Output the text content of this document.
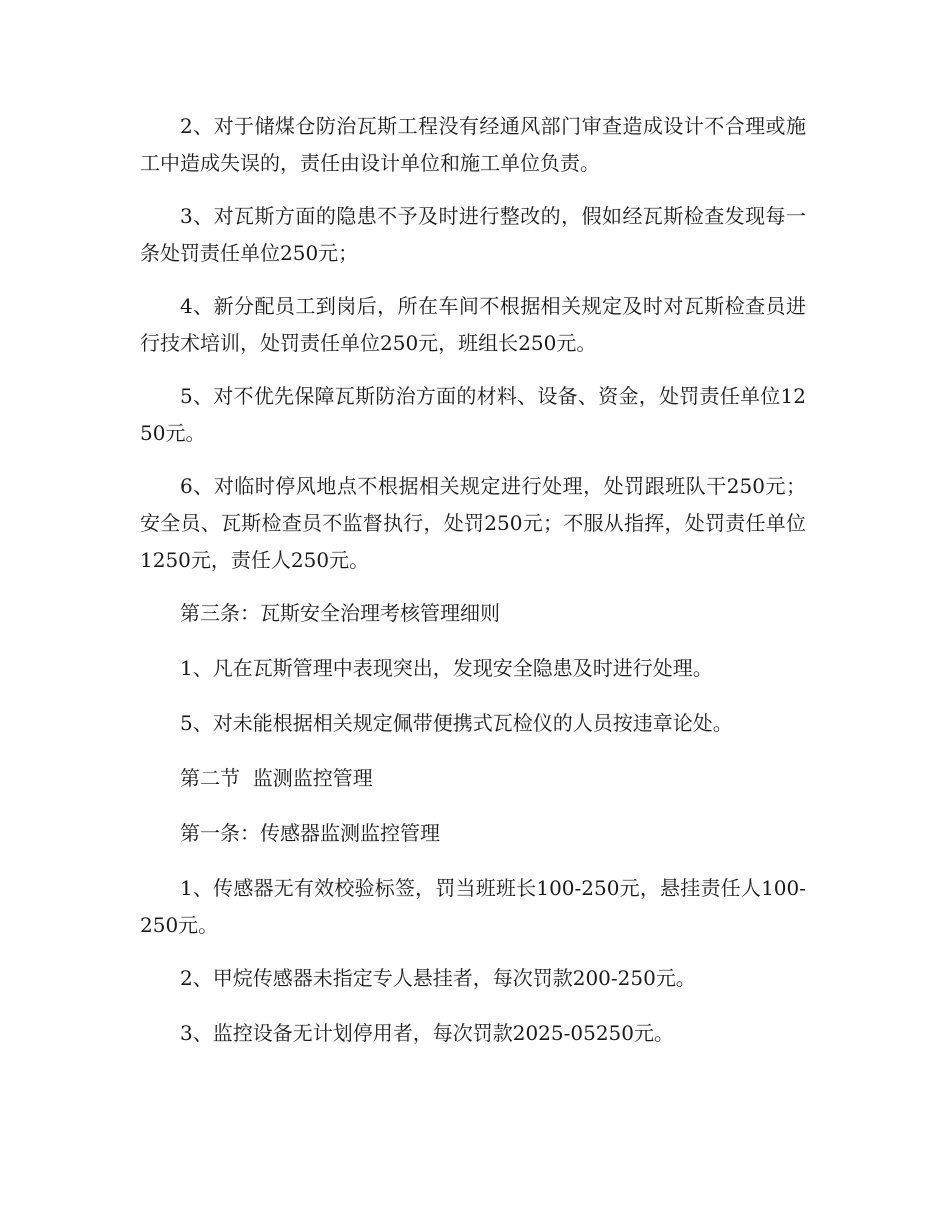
2、对于储煤仓防治瓦斯工程没有经通风部门审查造成设计不合理或施工中造成失误的，责任由设计单位和施工单位负责。

3、对瓦斯方面的隐患不予及时进行整改的，假如经瓦斯检查发现每一条处罚责任单位250元；

4、新分配员工到岗后，所在车间不根据相关规定及时对瓦斯检查员进行技术培训，处罚责任单位250元，班组长250元。

5、对不优先保障瓦斯防治方面的材料、设备、资金，处罚责任单位1250元。

6、对临时停风地点不根据相关规定进行处理，处罚跟班队干250元；安全员、瓦斯检查员不监督执行，处罚250元；不服从指挥，处罚责任单位1250元，责任人250元。

第三条：瓦斯安全治理考核管理细则

1、凡在瓦斯管理中表现突出，发现安全隐患及时进行处理。

5、对未能根据相关规定佩带便携式瓦检仪的人员按违章论处。

第二节  监测监控管理

第一条：传感器监测监控管理

1、传感器无有效校验标签，罚当班班长100-250元，悬挂责任人100-250元。

2、甲烷传感器未指定专人悬挂者，每次罚款200-250元。

3、监控设备无计划停用者，每次罚款2025-05250元。
